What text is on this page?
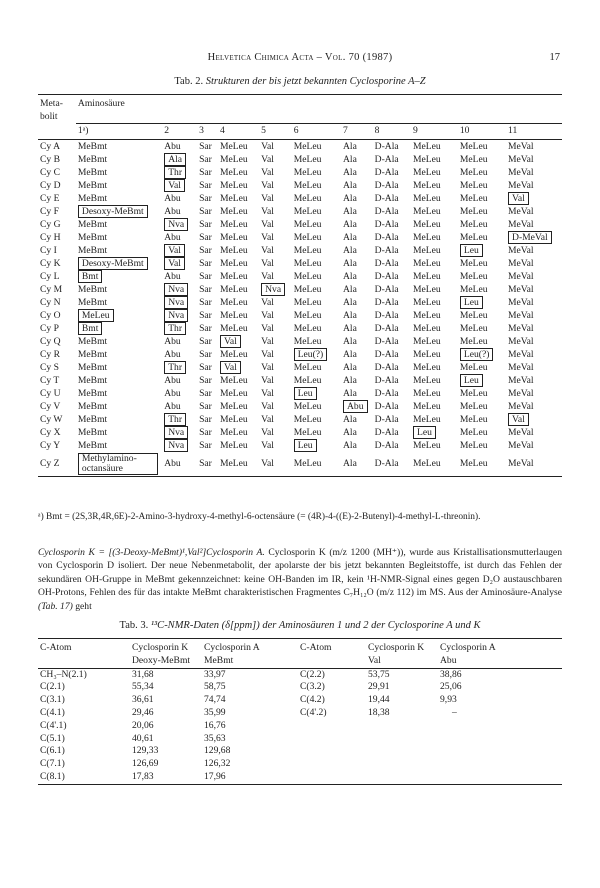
Helvetica Chimica Acta – Vol. 70 (1987)	17
Tab. 2. Strukturen der bis jetzt bekannten Cyclosporine A–Z
Meta-	Aminosäure										
bolit											
	1ᵃ)	2	3	4	5	6	7	8	9	10	11
Cy A	MeBmt	Abu	Sar	MeLeu	Val	MeLeu	Ala	D-Ala	MeLeu	MeLeu	MeVal
Cy B	MeBmt	Ala	Sar	MeLeu	Val	MeLeu	Ala	D-Ala	MeLeu	MeLeu	MeVal
Cy C	MeBmt	Thr	Sar	MeLeu	Val	MeLeu	Ala	D-Ala	MeLeu	MeLeu	MeVal
Cy D	MeBmt	Val	Sar	MeLeu	Val	MeLeu	Ala	D-Ala	MeLeu	MeLeu	MeVal
Cy E	MeBmt	Abu	Sar	MeLeu	Val	MeLeu	Ala	D-Ala	MeLeu	MeLeu	Val
Cy F	Desoxy-MeBmt	Abu	Sar	MeLeu	Val	MeLeu	Ala	D-Ala	MeLeu	MeLeu	MeVal
Cy G	MeBmt	Nva	Sar	MeLeu	Val	MeLeu	Ala	D-Ala	MeLeu	MeLeu	MeVal
Cy H	MeBmt	Abu	Sar	MeLeu	Val	MeLeu	Ala	D-Ala	MeLeu	MeLeu	D-MeVal
Cy I	MeBmt	Val	Sar	MeLeu	Val	MeLeu	Ala	D-Ala	MeLeu	Leu	MeVal
Cy K	Desoxy-MeBmt	Val	Sar	MeLeu	Val	MeLeu	Ala	D-Ala	MeLeu	MeLeu	MeVal
Cy L	Bmt	Abu	Sar	MeLeu	Val	MeLeu	Ala	D-Ala	MeLeu	MeLeu	MeVal
Cy M	MeBmt	Nva	Sar	MeLeu	Nva	MeLeu	Ala	D-Ala	MeLeu	MeLeu	MeVal
Cy N	MeBmt	Nva	Sar	MeLeu	Val	MeLeu	Ala	D-Ala	MeLeu	Leu	MeVal
Cy O	MeLeu	Nva	Sar	MeLeu	Val	MeLeu	Ala	D-Ala	MeLeu	MeLeu	MeVal
Cy P	Bmt	Thr	Sar	MeLeu	Val	MeLeu	Ala	D-Ala	MeLeu	MeLeu	MeVal
Cy Q	MeBmt	Abu	Sar	Val	Val	MeLeu	Ala	D-Ala	MeLeu	MeLeu	MeVal
Cy R	MeBmt	Abu	Sar	MeLeu	Val	Leu(?)	Ala	D-Ala	MeLeu	Leu(?)	MeVal
Cy S	MeBmt	Thr	Sar	Val	Val	MeLeu	Ala	D-Ala	MeLeu	MeLeu	MeVal
Cy T	MeBmt	Abu	Sar	MeLeu	Val	MeLeu	Ala	D-Ala	MeLeu	Leu	MeVal
Cy U	MeBmt	Abu	Sar	MeLeu	Val	Leu	Ala	D-Ala	MeLeu	MeLeu	MeVal
Cy V	MeBmt	Abu	Sar	MeLeu	Val	MeLeu	Abu	D-Ala	MeLeu	MeLeu	MeVal
Cy W	MeBmt	Thr	Sar	MeLeu	Val	MeLeu	Ala	D-Ala	MeLeu	MeLeu	Val
Cy X	MeBmt	Nva	Sar	MeLeu	Val	MeLeu	Ala	D-Ala	Leu	MeLeu	MeVal
Cy Y	MeBmt	Nva	Sar	MeLeu	Val	Leu	Ala	D-Ala	MeLeu	MeLeu	MeVal
Cy Z	Methylamino- octansäure	Abu	Sar	MeLeu	Val	MeLeu	Ala	D-Ala	MeLeu	MeLeu	MeVal
ᵃ) Bmt = (2S,3R,4R,6E)-2-Amino-3-hydroxy-4-methyl-6-octensäure (= (4R)-4-((E)-2-Butenyl)-4-methyl-L-threonin).
Cyclosporin K = [(3-Deoxy-MeBmt)¹,Val²]Cyclosporin A. Cyclosporin K (m/z 1200 (MH⁺)), wurde aus Kristallisationsmutterlaugen von Cyclosporin D isoliert. Der neue Nebenmetabolit, der apolarste der bis jetzt bekannten Begleitstoffe, ist durch das Fehlen der sekundären OH-Gruppe in MeBmt gekennzeichnet: keine OH-Banden im IR, kein ¹H-NMR-Signal eines gegen D₂O austauschbaren OH-Protons, Fehlen des für das intakte MeBmt charakteristischen Fragmentes C₇H₁₂O (m/z 112) im MS. Aus der Aminosäure-Analyse (Tab. 17) geht
Tab. 3. ¹³C-NMR-Daten (δ[ppm]) der Aminosäuren 1 und 2 der Cyclosporine A und K
C-Atom	Cyclosporin K	Cyclosporin A	C-Atom	Cyclosporin K	Cyclosporin A
	Deoxy-MeBmt	MeBmt		Val	Abu
CH₃–N(2.1)	31,68	33,97	C(2.2)	53,75	38,86
C(2.1)	55,34	58,75	C(3.2)	29,91	25,06
C(3.1)	36,61	74,74	C(4.2)	19,44	9,93
C(4.1)	29,46	35,99	C(4'.2)	18,38	–
C(4'.1)	20,06	16,76			
C(5.1)	40,61	35,63			
C(6.1)	129,33	129,68			
C(7.1)	126,69	126,32			
C(8.1)	17,83	17,96			
